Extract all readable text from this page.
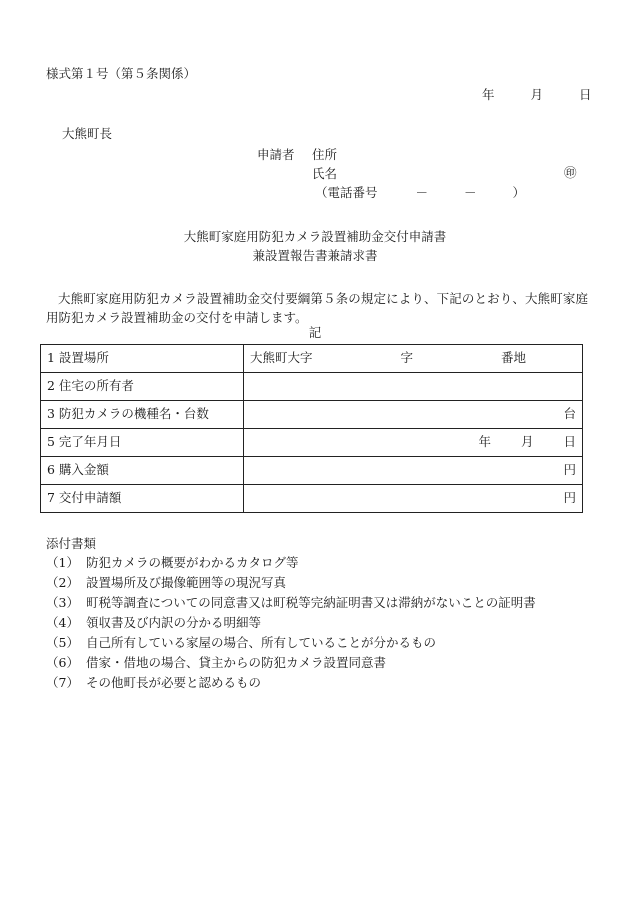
様式第１号（第５条関係）
年	月	日
大熊町長
申請者 住所
氏名	㊞
（電話番号	－	－	）
大熊町家庭用防犯カメラ設置補助金交付申請書
兼設置報告書兼請求書
大熊町家庭用防犯カメラ設置補助金交付要綱第５条の規定により、下記のとおり、大熊町家庭用防犯カメラ設置補助金の交付を申請します。
記
1 設置場所	大熊町大字 字 番地
2 住宅の所有者	
3 防犯カメラの機種名・台数	台

5 完了年月日	年 月 日

6 購入金額	円

7 交付申請額	円
添付書類
（1） 防犯カメラの概要がわかるカタログ等
（2） 設置場所及び撮像範囲等の現況写真
（3） 町税等調査についての同意書又は町税等完納証明書又は滞納がないことの証明書
（4） 領収書及び内訳の分かる明細等
（5） 自己所有している家屋の場合、所有していることが分かるもの
（6） 借家・借地の場合、貸主からの防犯カメラ設置同意書
（7） その他町長が必要と認めるもの
